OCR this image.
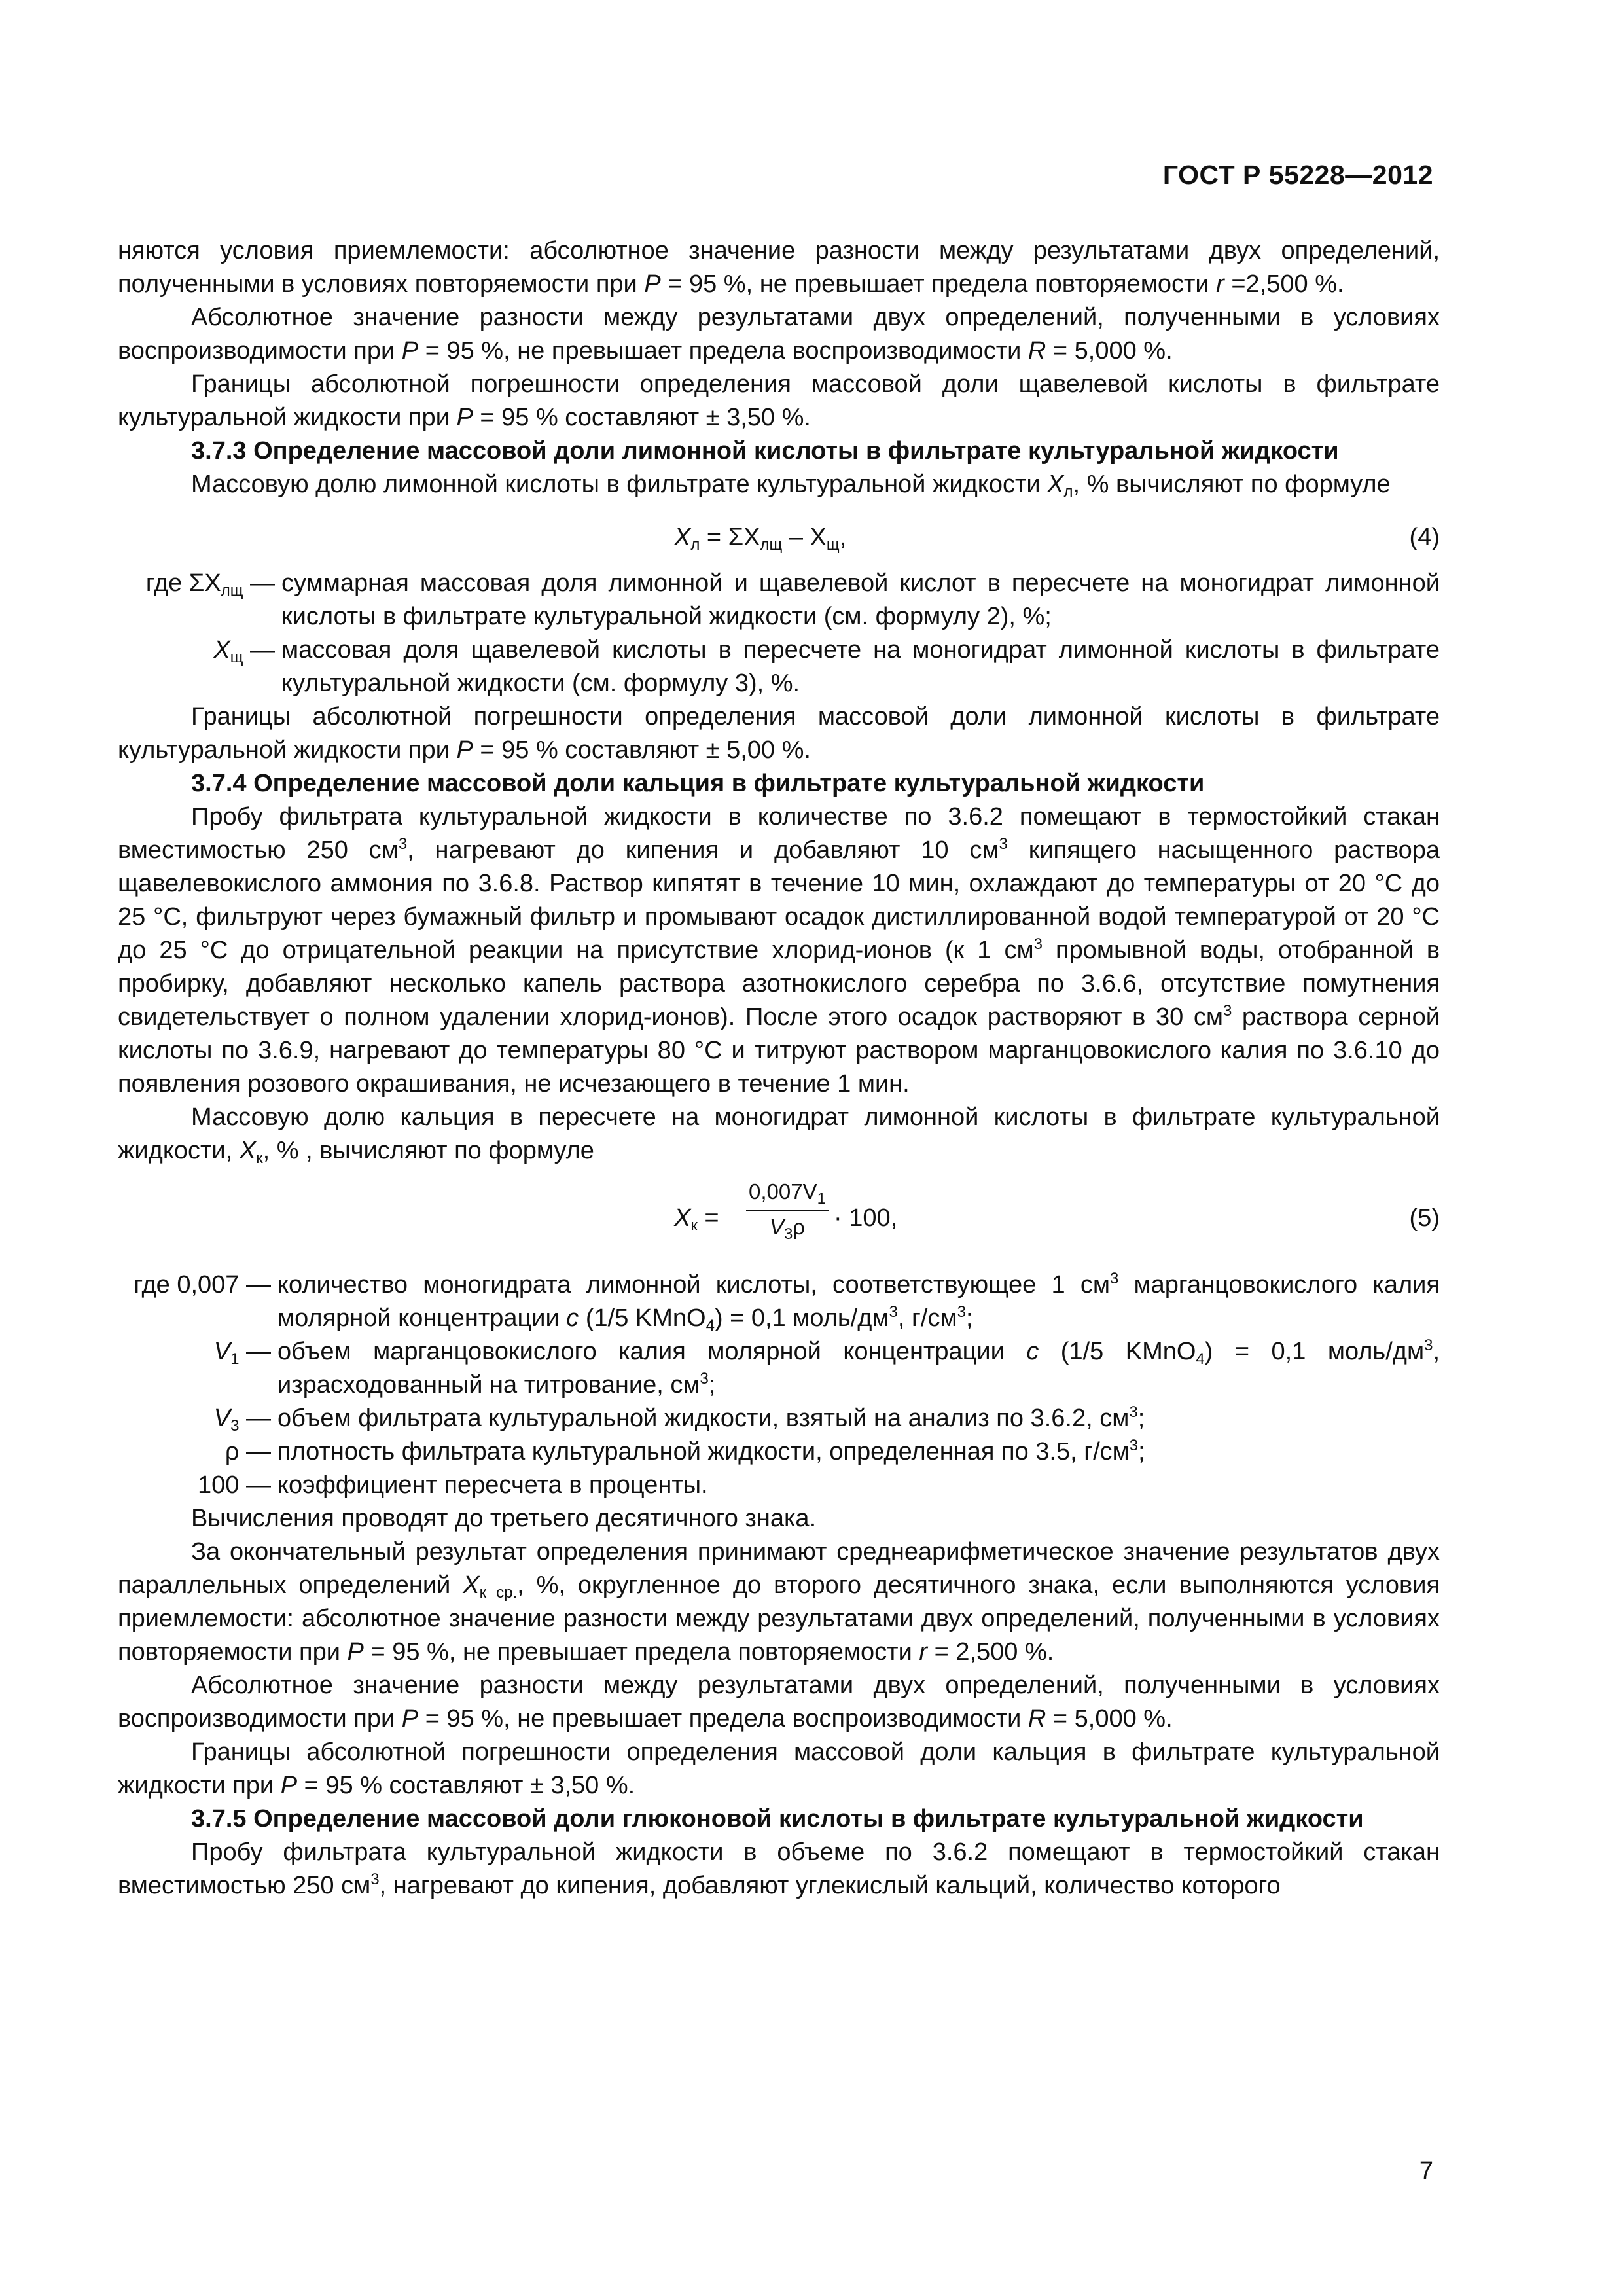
ГОСТ Р 55228—2012

няются условия приемлемости: абсолютное значение разности между результатами двух определений, полученными в условиях повторяемости при P = 95 %, не превышает предела повторяемости r =2,500 %.

Абсолютное значение разности между результатами двух определений, полученными в условиях воспроизводимости при P = 95 %, не превышает предела воспроизводимости R = 5,000 %.

Границы абсолютной погрешности определения массовой доли щавелевой кислоты в фильтрате культуральной жидкости при P = 95 % составляют ± 3,50 %.

3.7.3 Определение массовой доли лимонной кислоты в фильтрате культуральной жидкости

Массовую долю лимонной кислоты в фильтрате культуральной жидкости $X_л$, % вычисляют по формуле

$X_л = \Sigma X_{лщ} - X_щ$,	(4)
где $\Sigma X_{лщ}$ — суммарная массовая доля лимонной и щавелевой кислот в пересчете на моногидрат лимонной кислоты в фильтрате культуральной жидкости (см. формулу 2), %;
$X_щ$ — массовая доля щавелевой кислоты в пересчете на моногидрат лимонной кислоты в фильтрате культуральной жидкости (см. формулу 3), %.

Границы абсолютной погрешности определения массовой доли лимонной кислоты в фильтрате культуральной жидкости при P = 95 % составляют ± 5,00 %.

3.7.4 Определение массовой доли кальция в фильтрате культуральной жидкости

Пробу фильтрата культуральной жидкости в количестве по 3.6.2 помещают в термостойкий стакан вместимостью 250 $см^3$, нагревают до кипения и добавляют 10 $см^3$ кипящего насыщенного раствора щавелевокислого аммония по 3.6.8. Раствор кипятят в течение 10 мин, охлаждают до температуры от 20 °С до 25 °С, фильтруют через бумажный фильтр и промывают осадок дистиллированной водой температурой от 20 °С до 25 °С до отрицательной реакции на присутствие хлорид-ионов (к 1 $см^3$ промывной воды, отобранной в пробирку, добавляют несколько капель раствора азотнокислого серебра по 3.6.6, отсутствие помутнения свидетельствует о полном удалении хлорид-ионов). После этого осадок растворяют в 30 $см^3$ раствора серной кислоты по 3.6.9, нагревают до температуры 80 °С и титруют раствором марганцовокислого калия по 3.6.10 до появления розового окрашивания, не исчезающего в течение 1 мин.

Массовую долю кальция в пересчете на моногидрат лимонной кислоты в фильтрате культуральной жидкости, $X_к$, % , вычисляют по формуле

$X_к$ =
$0,007V_1$
$V_3\rho$	· 100,	(5)
где 0,007 — количество моногидрата лимонной кислоты, соответствующее 1 $см^3$ марганцовокислого калия молярной концентрации c (1/5 KMnO$_4$) = 0,1 моль/$дм^3$, $г/см^3$;
$V_1$ — объем марганцовокислого калия молярной концентрации c (1/5 KMnO$_4$) = 0,1 моль/$дм^3$, израсходованный на титрование, $см^3$;
$V_3$ — объем фильтрата культуральной жидкости, взятый на анализ по 3.6.2, $см^3$;
ρ — плотность фильтрата культуральной жидкости, определенная по 3.5, $г/см^3$;
100 — коэффициент пересчета в проценты.

Вычисления проводят до третьего десятичного знака.

За окончательный результат определения принимают среднеарифметическое значение результатов двух параллельных определений $X_{к ср.}$, %, округленное до второго десятичного знака, если выполняются условия приемлемости: абсолютное значение разности между результатами двух определений, полученными в условиях повторяемости при P = 95 %, не превышает предела повторяемости r = 2,500 %.

Абсолютное значение разности между результатами двух определений, полученными в условиях воспроизводимости при P = 95 %, не превышает предела воспроизводимости R = 5,000 %.

Границы абсолютной погрешности определения массовой доли кальция в фильтрате культуральной жидкости при P = 95 % составляют ± 3,50 %.

3.7.5 Определение массовой доли глюконовой кислоты в фильтрате культуральной жидкости

Пробу фильтрата культуральной жидкости в объеме по 3.6.2 помещают в термостойкий стакан вместимостью 250 $см^3$, нагревают до кипения, добавляют углекислый кальций, количество которого

7
